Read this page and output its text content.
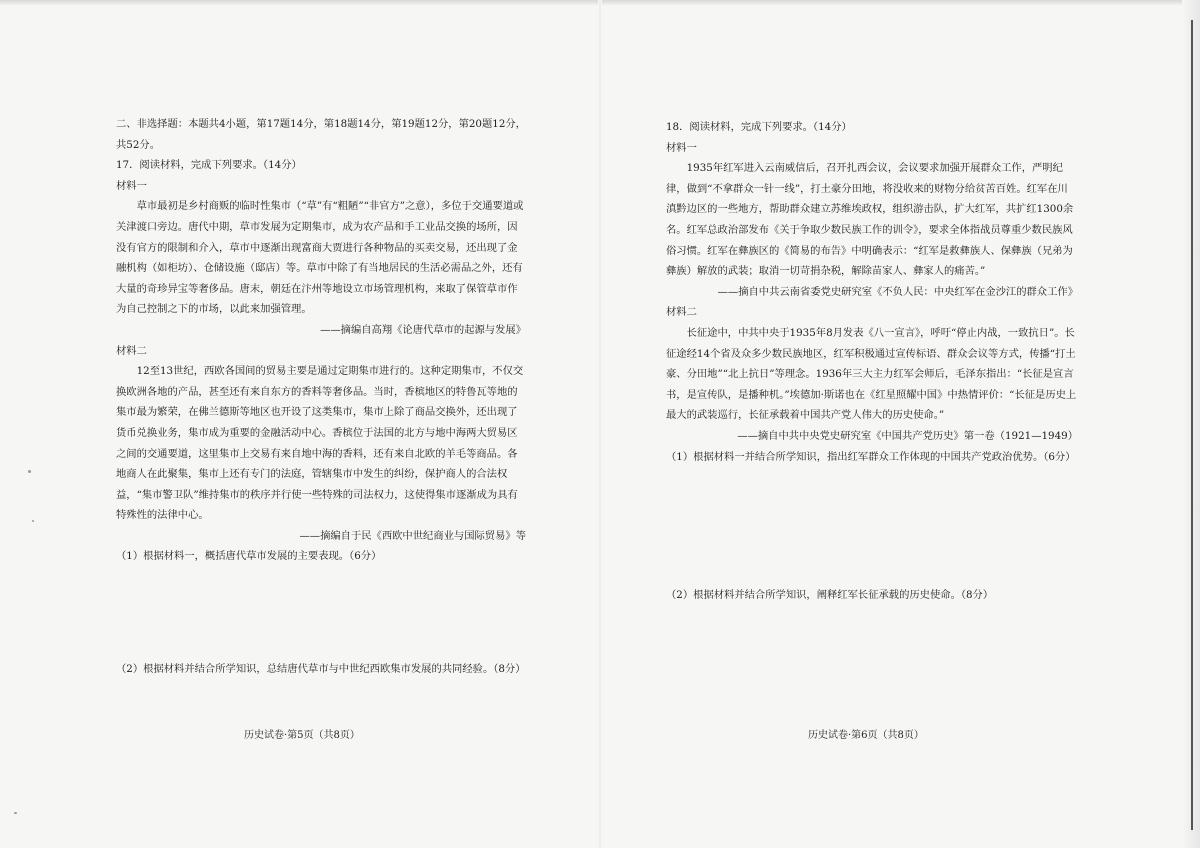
二、非选择题：本题共4小题，第17题14分，第18题14分，第19题12分，第20题12分，共52分。

17．阅读材料，完成下列要求。（14分）

材料一

草市最初是乡村商贩的临时性集市（“草”有“粗陋”“非官方”之意），多位于交通要道或关津渡口旁边。唐代中期，草市发展为定期集市，成为农产品和手工业品交换的场所，因没有官方的限制和介入，草市中逐渐出现富商大贾进行各种物品的买卖交易，还出现了金融机构（如柜坊）、仓储设施（邸店）等。草市中除了有当地居民的生活必需品之外，还有大量的奇珍异宝等奢侈品。唐末，朝廷在汴州等地设立市场管理机构，来取了保管草市作为自己控制之下的市场，以此来加强管理。

——摘编自高翔《论唐代草市的起源与发展》

材料二

12至13世纪，西欧各国间的贸易主要是通过定期集市进行的。这种定期集市，不仅交换欧洲各地的产品，甚至还有来自东方的香料等奢侈品。当时，香槟地区的特鲁瓦等地的集市最为繁荣，在佛兰德斯等地区也开设了这类集市，集市上除了商品交换外，还出现了货币兑换业务，集市成为重要的金融活动中心。香槟位于法国的北方与地中海两大贸易区之间的交通要道，这里集市上交易有来自地中海的香料，还有来自北欧的羊毛等商品。各地商人在此聚集，集市上还有专门的法庭，管辖集市中发生的纠纷，保护商人的合法权益，“集市警卫队”维持集市的秩序并行使一些特殊的司法权力，这使得集市逐渐成为具有特殊性的法律中心。

——摘编自于民《西欧中世纪商业与国际贸易》等

（1）根据材料一，概括唐代草市发展的主要表现。（6分）

（2）根据材料并结合所学知识，总结唐代草市与中世纪西欧集市发展的共同经验。（8分）

18．阅读材料，完成下列要求。（14分）

材料一

1935年红军进入云南威信后，召开扎西会议，会议要求加强开展群众工作，严明纪律，做到“不拿群众一针一线”，打土豪分田地，将没收来的财物分给贫苦百姓。红军在川滇黔边区的一些地方，帮助群众建立苏维埃政权，组织游击队，扩大红军，共扩红1300余名。红军总政治部发布《关于争取少数民族工作的训令》，要求全体指战员尊重少数民族风俗习惯。红军在彝族区的《简易的布告》中明确表示：“红军是救彝族人、保彝族（兄弟为彝族）解放的武装；取消一切苛捐杂税，解除苗家人、彝家人的痛苦。”

——摘自中共云南省委党史研究室《不负人民：中央红军在金沙江的群众工作》

材料二

长征途中，中共中央于1935年8月发表《八一宣言》，呼吁“停止内战，一致抗日”。长征途经14个省及众多少数民族地区，红军积极通过宣传标语、群众会议等方式，传播“打土豪、分田地”“北上抗日”等理念。1936年三大主力红军会师后，毛泽东指出：“长征是宣言书，是宣传队，是播种机。”埃德加·斯诺也在《红星照耀中国》中热情评价：“长征是历史上最大的武装巡行，长征承载着中国共产党人伟大的历史使命。”

——摘自中共中央党史研究室《中国共产党历史》第一卷（1921—1949）

（1）根据材料一并结合所学知识，指出红军群众工作体现的中国共产党政治优势。（6分）

（2）根据材料并结合所学知识，阐释红军长征承载的历史使命。（8分）

历史试卷·第5页（共8页）	历史试卷·第6页（共8页）
